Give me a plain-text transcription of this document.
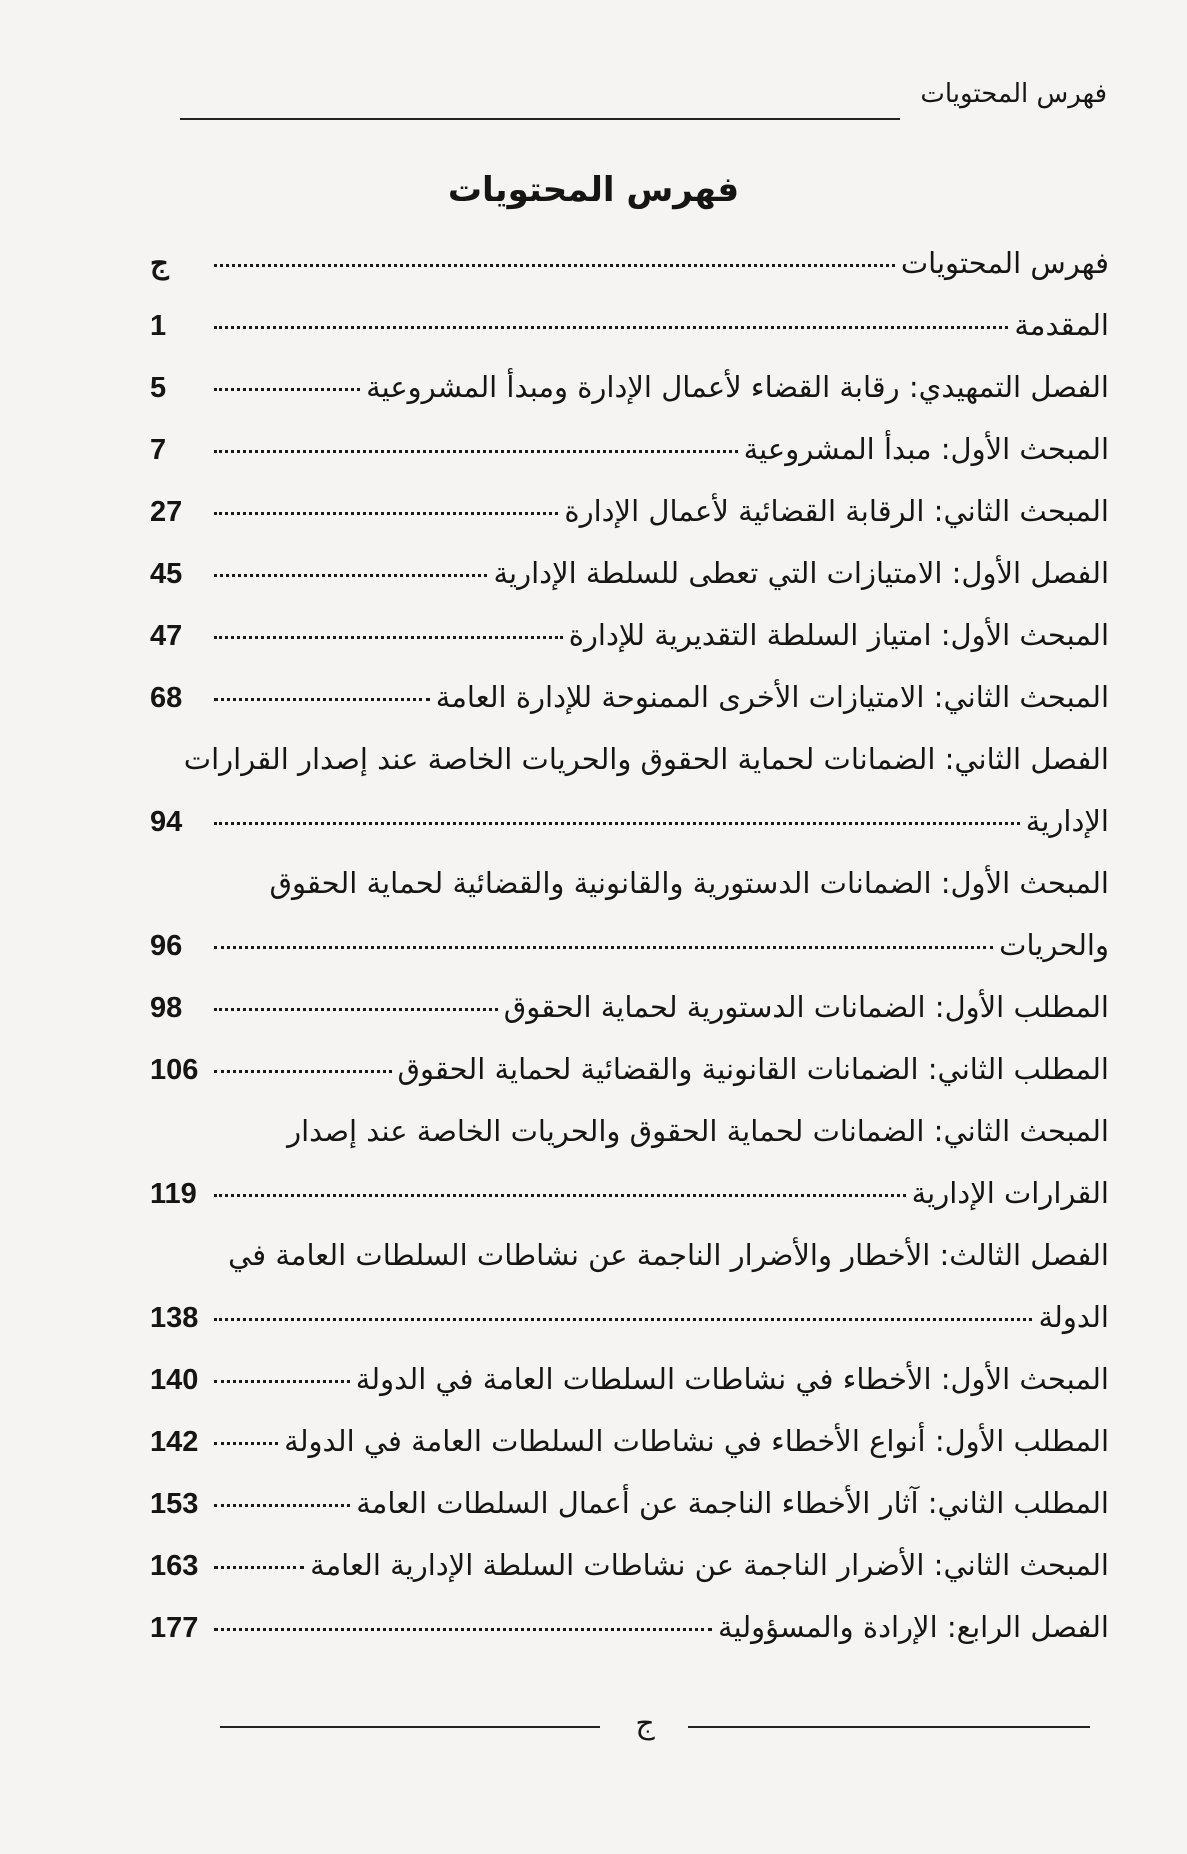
فهرس المحتويات
فهرس المحتويات
فهرس المحتويات
ج
المقدمة
1
الفصل التمهيدي: رقابة القضاء لأعمال الإدارة ومبدأ المشروعية
5
المبحث الأول: مبدأ المشروعية
7
المبحث الثاني: الرقابة القضائية لأعمال الإدارة
27
الفصل الأول: الامتيازات التي تعطى للسلطة الإدارية
45
المبحث الأول: امتياز السلطة التقديرية للإدارة
47
المبحث الثاني: الامتيازات الأخرى الممنوحة للإدارة العامة
68
الفصل الثاني: الضمانات لحماية الحقوق والحريات الخاصة عند إصدار القرارات
الإدارية
94
المبحث الأول: الضمانات الدستورية والقانونية والقضائية لحماية الحقوق
والحريات
96
المطلب الأول: الضمانات الدستورية لحماية الحقوق
98
المطلب الثاني: الضمانات القانونية والقضائية لحماية الحقوق
106
المبحث الثاني: الضمانات لحماية الحقوق والحريات الخاصة عند إصدار
القرارات الإدارية
119
الفصل الثالث: الأخطار والأضرار الناجمة عن نشاطات السلطات العامة في
الدولة
138
المبحث الأول: الأخطاء في نشاطات السلطات العامة في الدولة
140
المطلب الأول: أنواع الأخطاء في نشاطات السلطات العامة في الدولة
142
المطلب الثاني: آثار الأخطاء الناجمة عن أعمال السلطات العامة
153
المبحث الثاني: الأضرار الناجمة عن نشاطات السلطة الإدارية العامة
163
الفصل الرابع: الإرادة والمسؤولية
177
ج
